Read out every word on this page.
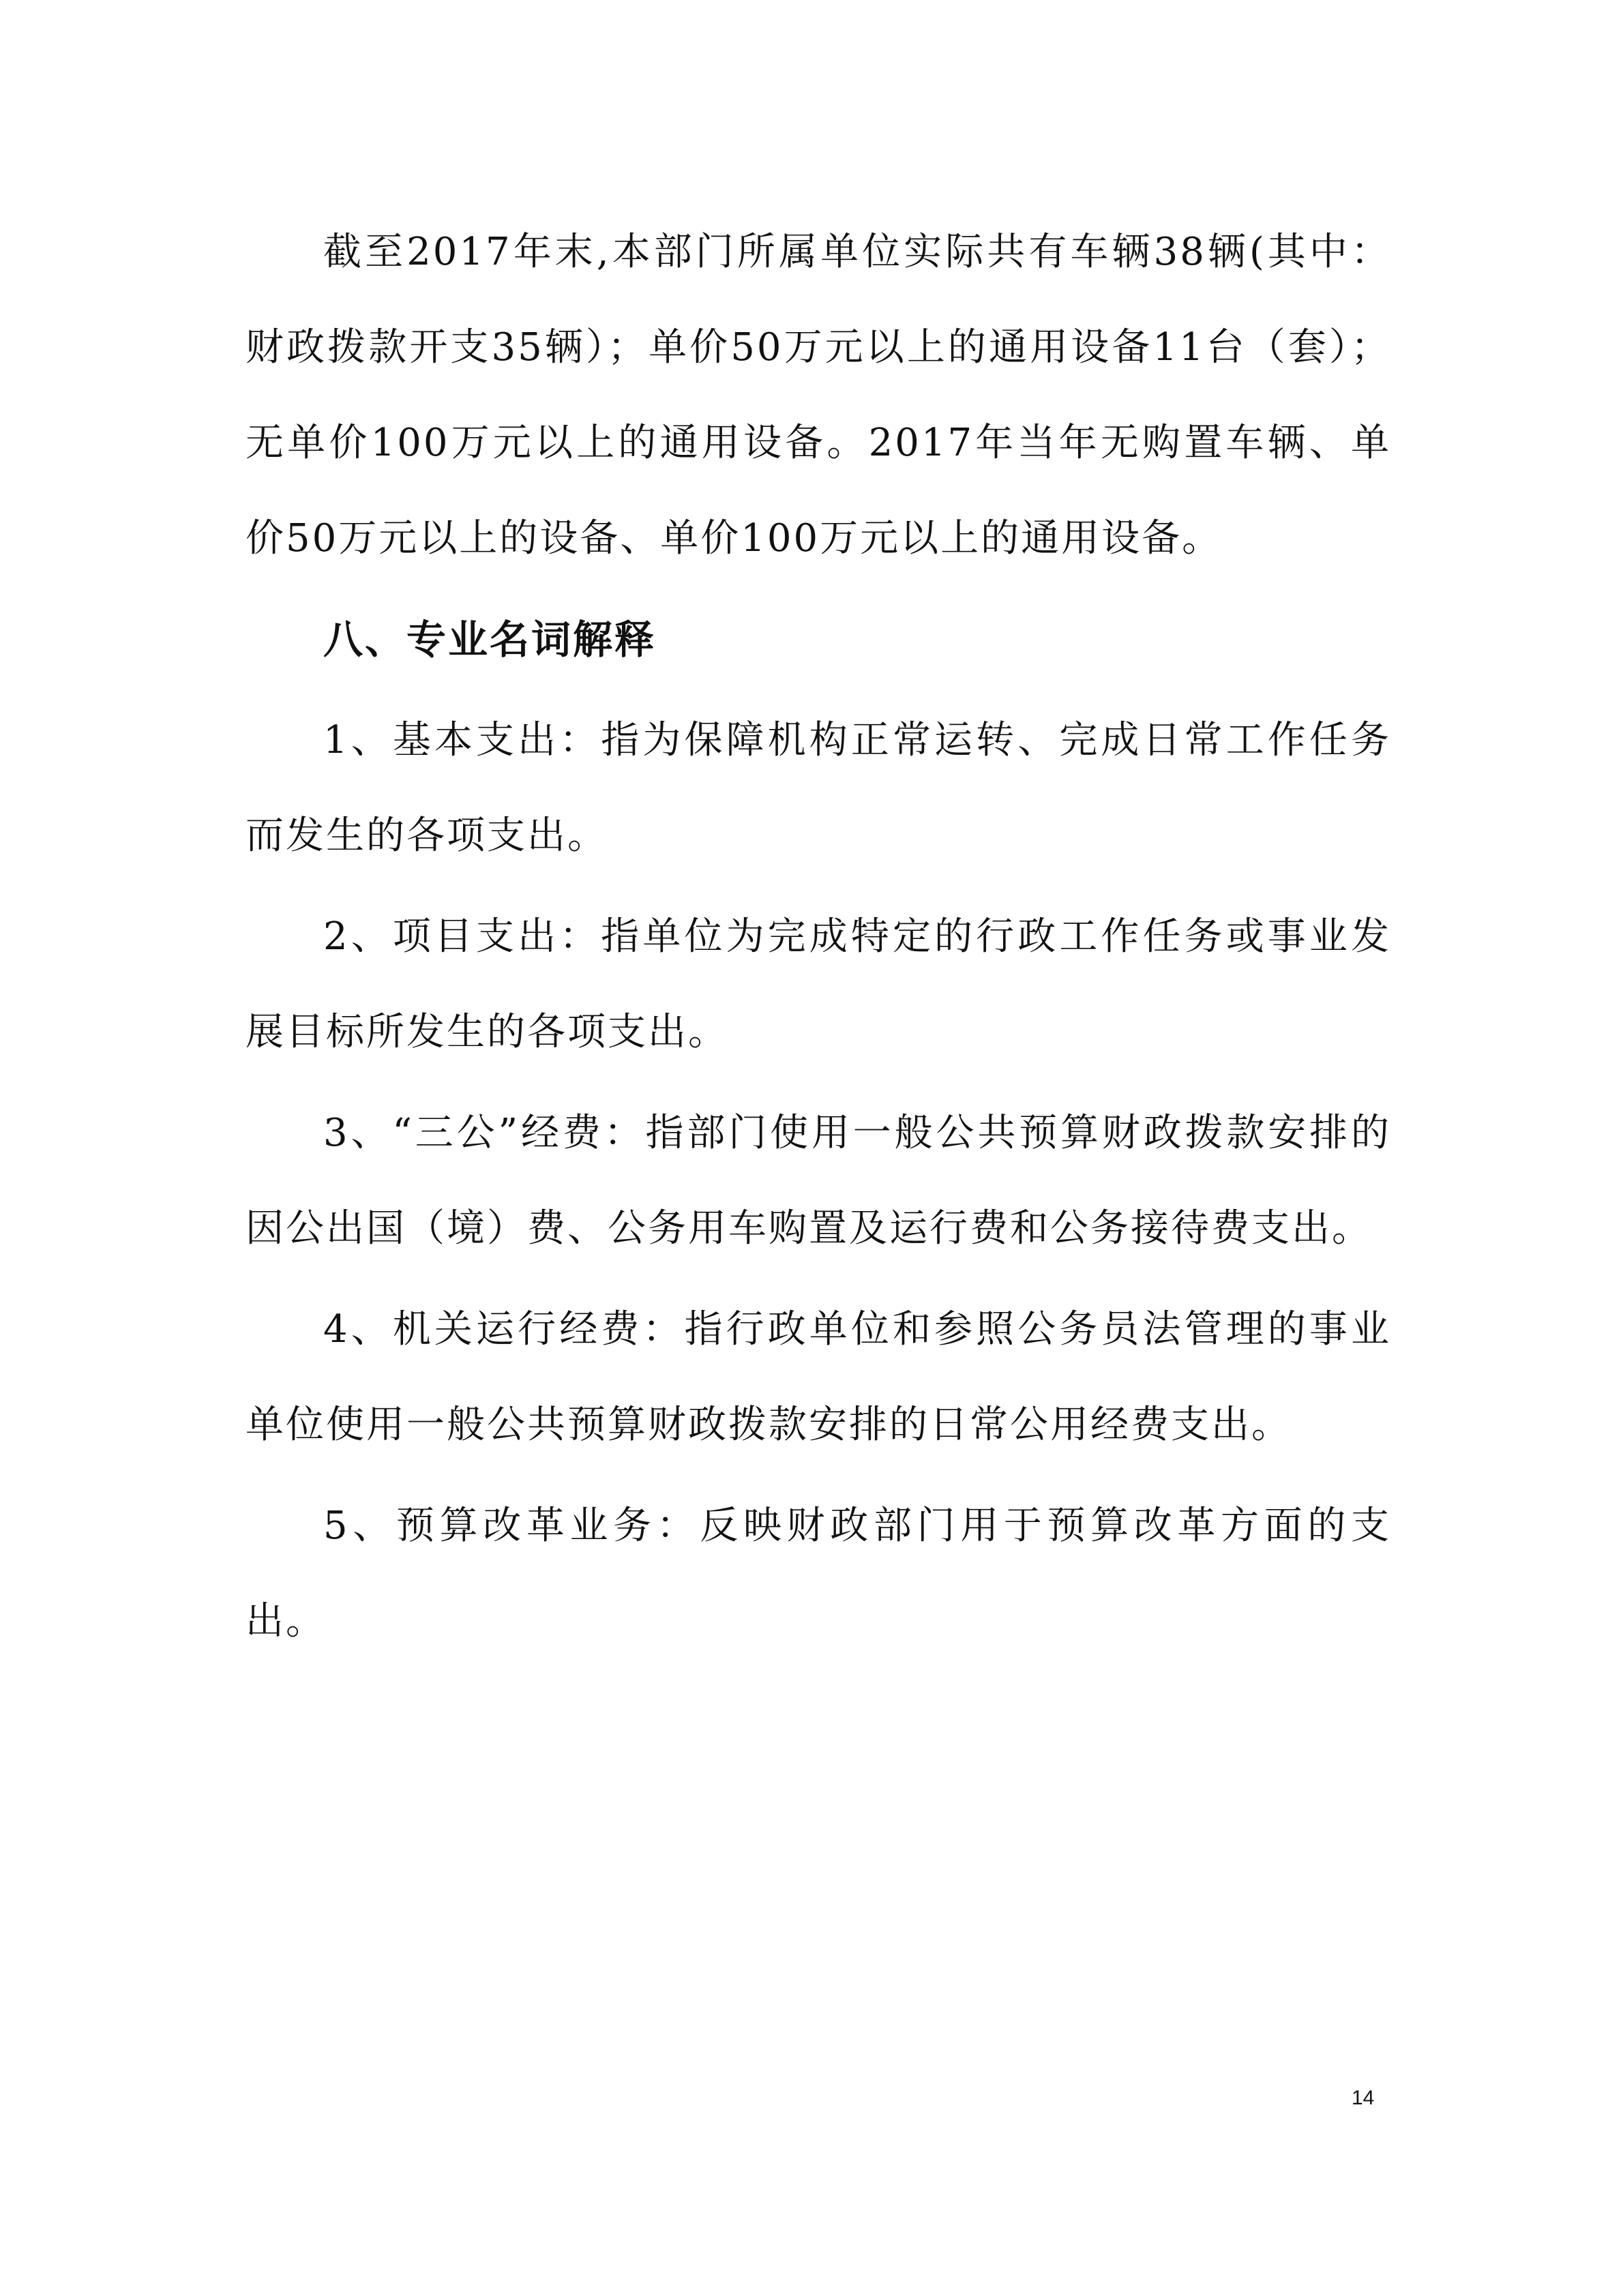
截至2017年末,本部门所属单位实际共有车辆38辆(其中：财政拨款开支35辆）；单价50万元以上的通用设备11台（套）；无单价100万元以上的通用设备。2017年当年无购置车辆、单价50万元以上的设备、单价100万元以上的通用设备。

八、专业名词解释

1、基本支出：指为保障机构正常运转、完成日常工作任务而发生的各项支出。

2、项目支出：指单位为完成特定的行政工作任务或事业发展目标所发生的各项支出。

3、“三公”经费：指部门使用一般公共预算财政拨款安排的因公出国（境）费、公务用车购置及运行费和公务接待费支出。

4、机关运行经费：指行政单位和参照公务员法管理的事业单位使用一般公共预算财政拨款安排的日常公用经费支出。

5、预算改革业务：反映财政部门用于预算改革方面的支出。

14
